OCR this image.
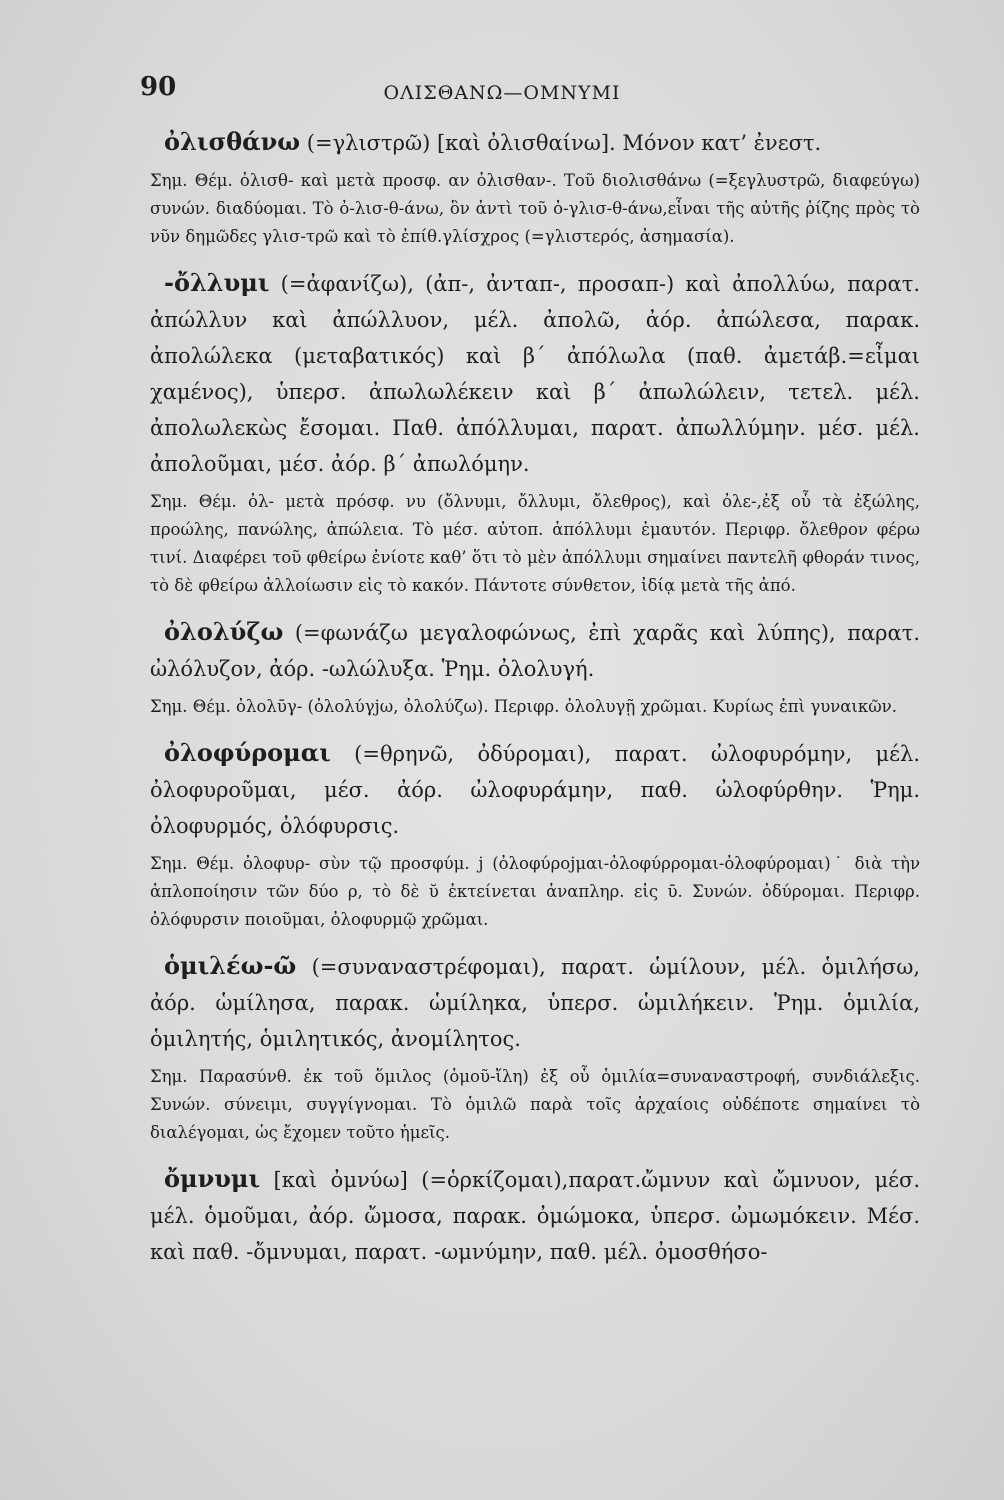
90	ΟΛΙΣΘΑΝΩ—ΟΜΝΥΜΙ

ὀλισθάνω (=γλιστρῶ) [καὶ ὀλισθαίνω]. Μόνον κατ’ ἐνεστ.

Σημ. Θέμ. ὀλισθ- καὶ μετὰ προσφ. αν ὀλισθαν-. Τοῦ διολισθάνω (=ξεγλυστρῶ, διαφεύγω) συνών. διαδύομαι. Τὸ ὀ-λισ-θ-άνω, ὃν ἀντὶ τοῦ ὀ-γλισ-θ-άνω,εἶναι τῆς αὐτῆς ῥίζης πρὸς τὸ νῦν δημῶδες γλισ-τρῶ καὶ τὸ ἐπίθ.γλίσχρος (=γλιστερός, ἀσημασία).

-ὄλλυμι (=ἀφανίζω), (ἀπ-, ἀνταπ-, προσαπ-) καὶ ἀπολλύω, παρατ. ἀπώλλυν καὶ ἀπώλλυον, μέλ. ἀπολῶ, ἀόρ. ἀπώλεσα, παρακ. ἀπολώλεκα (μεταβατικός) καὶ β΄ ἀπόλωλα (παθ. ἀμετάβ.=εἶμαι χαμένος), ὑπερσ. ἀπωλωλέκειν καὶ β΄ ἀπωλώλειν, τετελ. μέλ. ἀπολωλεκὼς ἔσομαι. Παθ. ἀπόλλυμαι, παρατ. ἀπωλλύμην. μέσ. μέλ. ἀπολοῦμαι, μέσ. ἀόρ. β΄ ἀπωλόμην.

Σημ. Θέμ. ὀλ- μετὰ πρόσφ. νυ (ὄλνυμι, ὄλλυμι, ὄλεθρος), καὶ ὀλε-,ἐξ οὗ τὰ ἐξώλης, πρoώλης, πανώλης, ἀπώλεια. Τὸ μέσ. αὐτοπ. ἀπόλλυμι ἐμαυτόν. Περιφρ. ὄλεθρον φέρω τινί. Διαφέρει τοῦ φθείρω ἐνίοτε καθ’ ὅτι τὸ μὲν ἀπόλλυμι σημαίνει παντελῆ φθοράν τινος, τὸ δὲ φθείρω ἀλλοίωσιν εἰς τὸ κακόν. Πάντοτε σύνθετον, ἰδίᾳ μετὰ τῆς ἀπό.

ὀλολύζω (=φωνάζω μεγαλοφώνως, ἐπὶ χαρᾶς καὶ λύπης), παρατ. ὠλόλυζον, ἀόρ. -ωλώλυξα. Ῥημ. ὀλολυγή.

Σημ. Θέμ. ὀλολῡγ- (ὀλολύγjω, ὀλολύζω). Περιφρ. ὀλολυγῇ χρῶμαι. Κυρίως ἐπὶ γυναικῶν.

ὀλοφύρομαι (=θρηνῶ, ὀδύρομαι), παρατ. ὠλοφυρόμην, μέλ. ὀλοφυροῦμαι, μέσ. ἀόρ. ὠλοφυράμην, παθ. ὠλοφύρθην. Ῥημ. ὀλοφυρμός, ὀλόφυρσις.

Σημ. Θέμ. ὀλοφυρ- σὺν τῷ προσφύμ. j (ὀλοφύρojμαι-ὀλοφύρρομαι-ὀλοφύρομαι)˙ διὰ τὴν ἁπλοποίησιν τῶν δύο ρ, τὸ δὲ ῠ ἐκτείνεται ἀναπληρ. εἰς ῡ. Συνών. ὀδύρομαι. Περιφρ. ὀλόφυρσιν ποιοῦμαι, ὀλοφυρμῷ χρῶμαι.

ὁμιλέω-ῶ (=συναναστρέφομαι), παρατ. ὡμίλουν, μέλ. ὁμιλήσω, ἀόρ. ὡμίλησα, παρακ. ὡμίληκα, ὑπερσ. ὡμιλήκειν. Ῥημ. ὁμιλία, ὁμιλητής, ὁμιλητικός, ἀνομίλητος.

Σημ. Παρασύνθ. ἐκ τοῦ ὅμιλος (ὁμοῦ-ἴλη) ἐξ οὗ ὁμιλία=συναναστροφή, συνδιάλεξις. Συνών. σύνειμι, συγγίγνομαι. Τὸ ὁμιλῶ παρὰ τοῖς ἀρχαίοις οὐδέποτε σημαίνει τὸ διαλέγομαι, ὡς ἔχομεν τοῦτο ἡμεῖς.

ὄμνυμι [καὶ ὀμνύω] (=ὁρκίζομαι),παρατ.ὤμνυν καὶ ὤμνυον, μέσ. μέλ. ὁμοῦμαι, ἀόρ. ὤμοσα, παρακ. ὀμώμοκα, ὑπερσ. ὠμωμόκειν. Μέσ. καὶ παθ. -ὄμνυμαι, παρατ. -ωμνύμην, παθ. μέλ. ὀμοσθήσο-
